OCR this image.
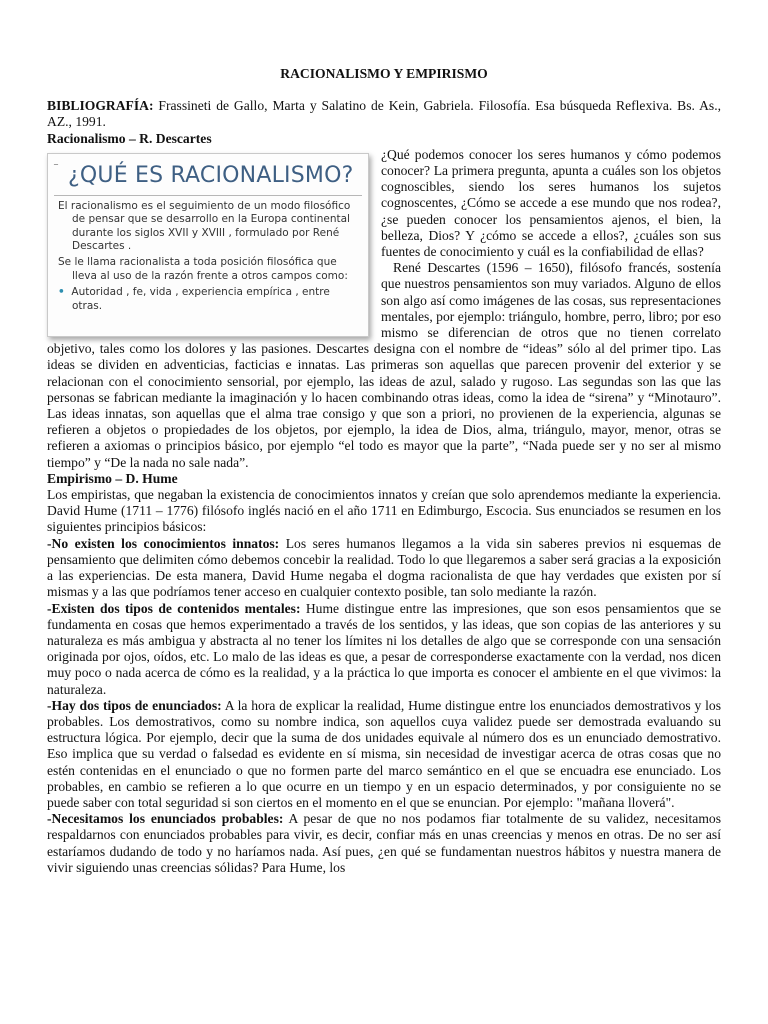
RACIONALISMO Y EMPIRISMO

BIBLIOGRAFÍA: Frassineti de Gallo, Marta y Salatino de Kein, Gabriela. Filosofía. Esa búsqueda Reflexiva. Bs. As., AZ., 1991.

Racionalismo – R. Descartes

‾ ¿QUÉ ES RACIONALISMO?
El racionalismo es el seguimiento de un modo filosófico de pensar que se desarrollo en la Europa continental durante los siglos XVII y XVIII , formulado por René Descartes .
Se le llama racionalista a toda posición filosófica que lleva al uso de la razón frente a otros campos como:
• Autoridad , fe, vida , experiencia empírica , entre otras.

¿Qué podemos conocer los seres humanos y cómo podemos conocer? La primera pregunta, apunta a cuáles son los objetos cognoscibles, siendo los seres humanos los sujetos cognoscentes, ¿Cómo se accede a ese mundo que nos rodea?, ¿se pueden conocer los pensamientos ajenos, el bien, la belleza, Dios? Y ¿cómo se accede a ellos?, ¿cuáles son sus fuentes de conocimiento y cuál es la confiabilidad de ellas?

René Descartes (1596 – 1650), filósofo francés, sostenía que nuestros pensamientos son muy variados. Alguno de ellos son algo así como imágenes de las cosas, sus representaciones mentales, por ejemplo: triángulo, hombre, perro, libro; por eso mismo se diferencian de otros que no tienen correlato objetivo, tales como los dolores y las pasiones. Descartes designa con el nombre de “ideas” sólo al del primer tipo. Las ideas se dividen en adventicias, facticias e innatas. Las primeras son aquellas que parecen provenir del exterior y se relacionan con el conocimiento sensorial, por ejemplo, las ideas de azul, salado y rugoso. Las segundas son las que las personas se fabrican mediante la imaginación y lo hacen combinando otras ideas, como la idea de “sirena” y “Minotauro”. Las ideas innatas, son aquellas que el alma trae consigo y que son a priori, no provienen de la experiencia, algunas se refieren a objetos o propiedades de los objetos, por ejemplo, la idea de Dios, alma, triángulo, mayor, menor, otras se refieren a axiomas o principios básico, por ejemplo “el todo es mayor que la parte”, “Nada puede ser y no ser al mismo tiempo” y “De la nada no sale nada”.

Empirismo – D. Hume

Los empiristas, que negaban la existencia de conocimientos innatos y creían que solo aprendemos mediante la experiencia. David Hume (1711 – 1776) filósofo inglés nació en el año 1711 en Edimburgo, Escocia. Sus enunciados se resumen en los siguientes principios básicos:

-No existen los conocimientos innatos: Los seres humanos llegamos a la vida sin saberes previos ni esquemas de pensamiento que delimiten cómo debemos concebir la realidad. Todo lo que llegaremos a saber será gracias a la exposición a las experiencias. De esta manera, David Hume negaba el dogma racionalista de que hay verdades que existen por sí mismas y a las que podríamos tener acceso en cualquier contexto posible, tan solo mediante la razón.

-Existen dos tipos de contenidos mentales: Hume distingue entre las impresiones, que son esos pensamientos que se fundamenta en cosas que hemos experimentado a través de los sentidos, y las ideas, que son copias de las anteriores y su naturaleza es más ambigua y abstracta al no tener los límites ni los detalles de algo que se corresponde con una sensación originada por ojos, oídos, etc. Lo malo de las ideas es que, a pesar de corresponderse exactamente con la verdad, nos dicen muy poco o nada acerca de cómo es la realidad, y a la práctica lo que importa es conocer el ambiente en el que vivimos: la naturaleza.

-Hay dos tipos de enunciados: A la hora de explicar la realidad, Hume distingue entre los enunciados demostrativos y los probables. Los demostrativos, como su nombre indica, son aquellos cuya validez puede ser demostrada evaluando su estructura lógica. Por ejemplo, decir que la suma de dos unidades equivale al número dos es un enunciado demostrativo. Eso implica que su verdad o falsedad es evidente en sí misma, sin necesidad de investigar acerca de otras cosas que no estén contenidas en el enunciado o que no formen parte del marco semántico en el que se encuadra ese enunciado. Los probables, en cambio se refieren a lo que ocurre en un tiempo y en un espacio determinados, y por consiguiente no se puede saber con total seguridad si son ciertos en el momento en el que se enuncian. Por ejemplo: "mañana lloverá".

-Necesitamos los enunciados probables: A pesar de que no nos podamos fiar totalmente de su validez, necesitamos respaldarnos con enunciados probables para vivir, es decir, confiar más en unas creencias y menos en otras. De no ser así estaríamos dudando de todo y no haríamos nada. Así pues, ¿en qué se fundamentan nuestros hábitos y nuestra manera de vivir siguiendo unas creencias sólidas? Para Hume, los
